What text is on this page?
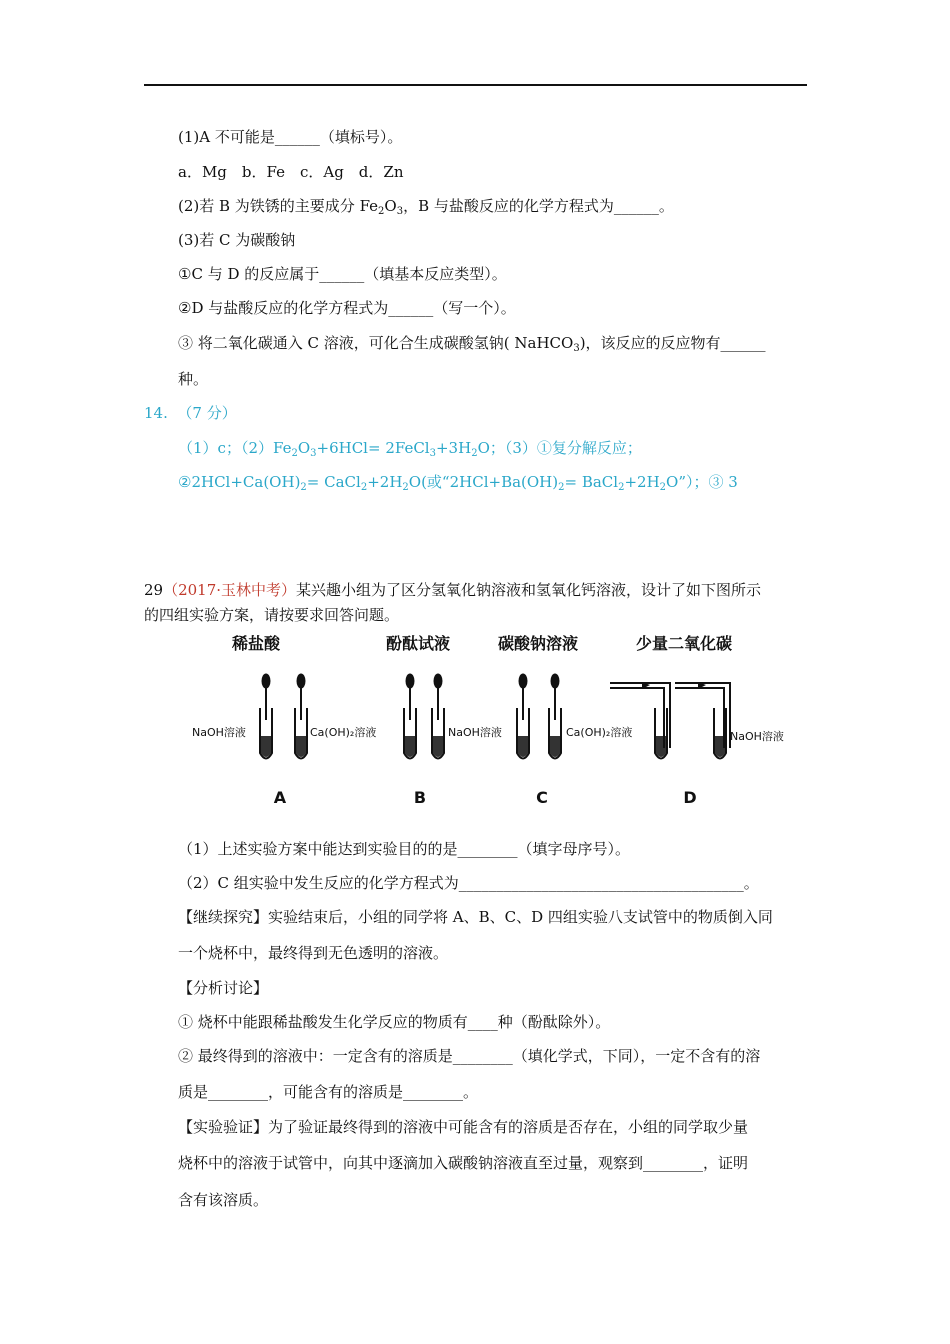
(1)A 不可能是______（填标号）。
a．Mg　b．Fe　c．Ag　d．Zn
(2)若 B 为铁锈的主要成分 $Fe_2O_3$，B 与盐酸反应的化学方程式为______。
(3)若 C 为碳酸钠
①C 与 D 的反应属于______（填基本反应类型）。
②D 与盐酸反应的化学方程式为______（写一个）。
③ 将二氧化碳通入 C 溶液，可化合生成碳酸氢钠( NaHCO$_3$)，该反应的反应物有______
种。
14. （7 分）
（1）c；$(2)Fe_2O_3+6HCl=$ $2FeCl_3+3H_2O$；（3）①复分解反应；
$②2HCl+Ca(OH)_2=$ $CaCl_2+2H_2O$(或“$2HCl+Ba(OH)_2=$ $BaCl_2+2H_2O$”）；③ 3
29（2017·玉林中考）某兴趣小组为了区分氢氧化钠溶液和氢氧化钙溶液，设计了如下图所示
的四组实验方案，请按要求回答问题。
稀盐酸	酚酞试液	碳酸钠溶液	少量二氧化碳
NaOH溶液	Ca(OH)₂溶液	NaOH溶液	Ca(OH)₂溶液	NaOH溶液
A	B	C	D
（1）上述实验方案中能达到实验目的的是________（填字母序号）。
（2）C 组实验中发生反应的化学方程式为______________________________________。
【继续探究】实验结束后，小组的同学将 A、B、C、D 四组实验八支试管中的物质倒入同
一个烧杯中，最终得到无色透明的溶液。
【分析讨论】
① 烧杯中能跟稀盐酸发生化学反应的物质有____种（酚酞除外）。
② 最终得到的溶液中：一定含有的溶质是________（填化学式，下同），一定不含有的溶
质是________，可能含有的溶质是________。
【实验验证】为了验证最终得到的溶液中可能含有的溶质是否存在，小组的同学取少量
烧杯中的溶液于试管中，向其中逐滴加入碳酸钠溶液直至过量，观察到________，证明
含有该溶质。
